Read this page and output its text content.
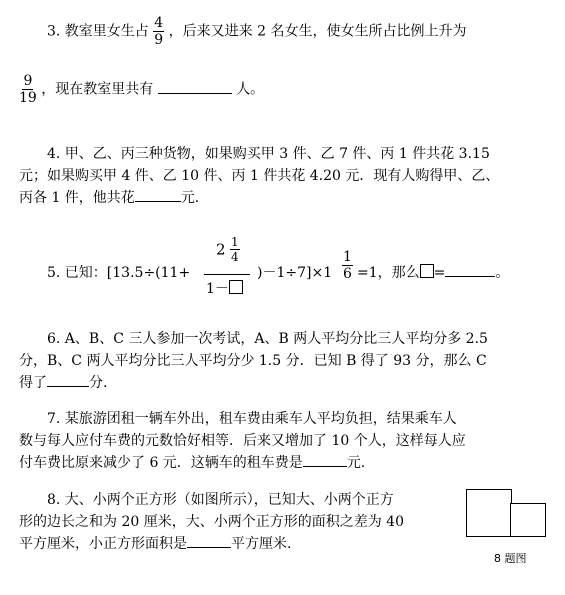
3. 教室里女生占 $\frac{4}{9}$ ，后来又进来 2 名女生，使女生所占比例上升为
$\frac{9}{19}$ ，现在教室里共有	人。
4. 甲、乙、丙三种货物，如果购买甲 3 件、乙 7 件、丙 1 件共花 3.15
元；如果购买甲 4 件、乙 10 件、丙 1 件共花 4.20 元．现有人购得甲、乙、
丙各 1 件，他共花	元.
5. 已知：[13.5÷(11+
$2 \frac{1}{4}$
1－
)$-1\div 7]\times 1 \frac{1}{6} =1$，那么 =	。
6. A、B、C 三人参加一次考试，A、B 两人平均分比三人平均分多 2.5
分，B、C 两人平均分比三人平均分少 1.5 分．已知 B 得了 93 分，那么 C
得了	分.
7. 某旅游团租一辆车外出，租车费由乘车人平均负担，结果乘车人
数与每人应付车费的元数恰好相等．后来又增加了 10 个人，这样每人应
付车费比原来减少了 6 元．这辆车的租车费是	元.
8. 大、小两个正方形（如图所示），已知大、小两个正方
形的边长之和为 20 厘米，大、小两个正方形的面积之差为 40
平方厘米，小正方形面积是	平方厘米.
8 题图
